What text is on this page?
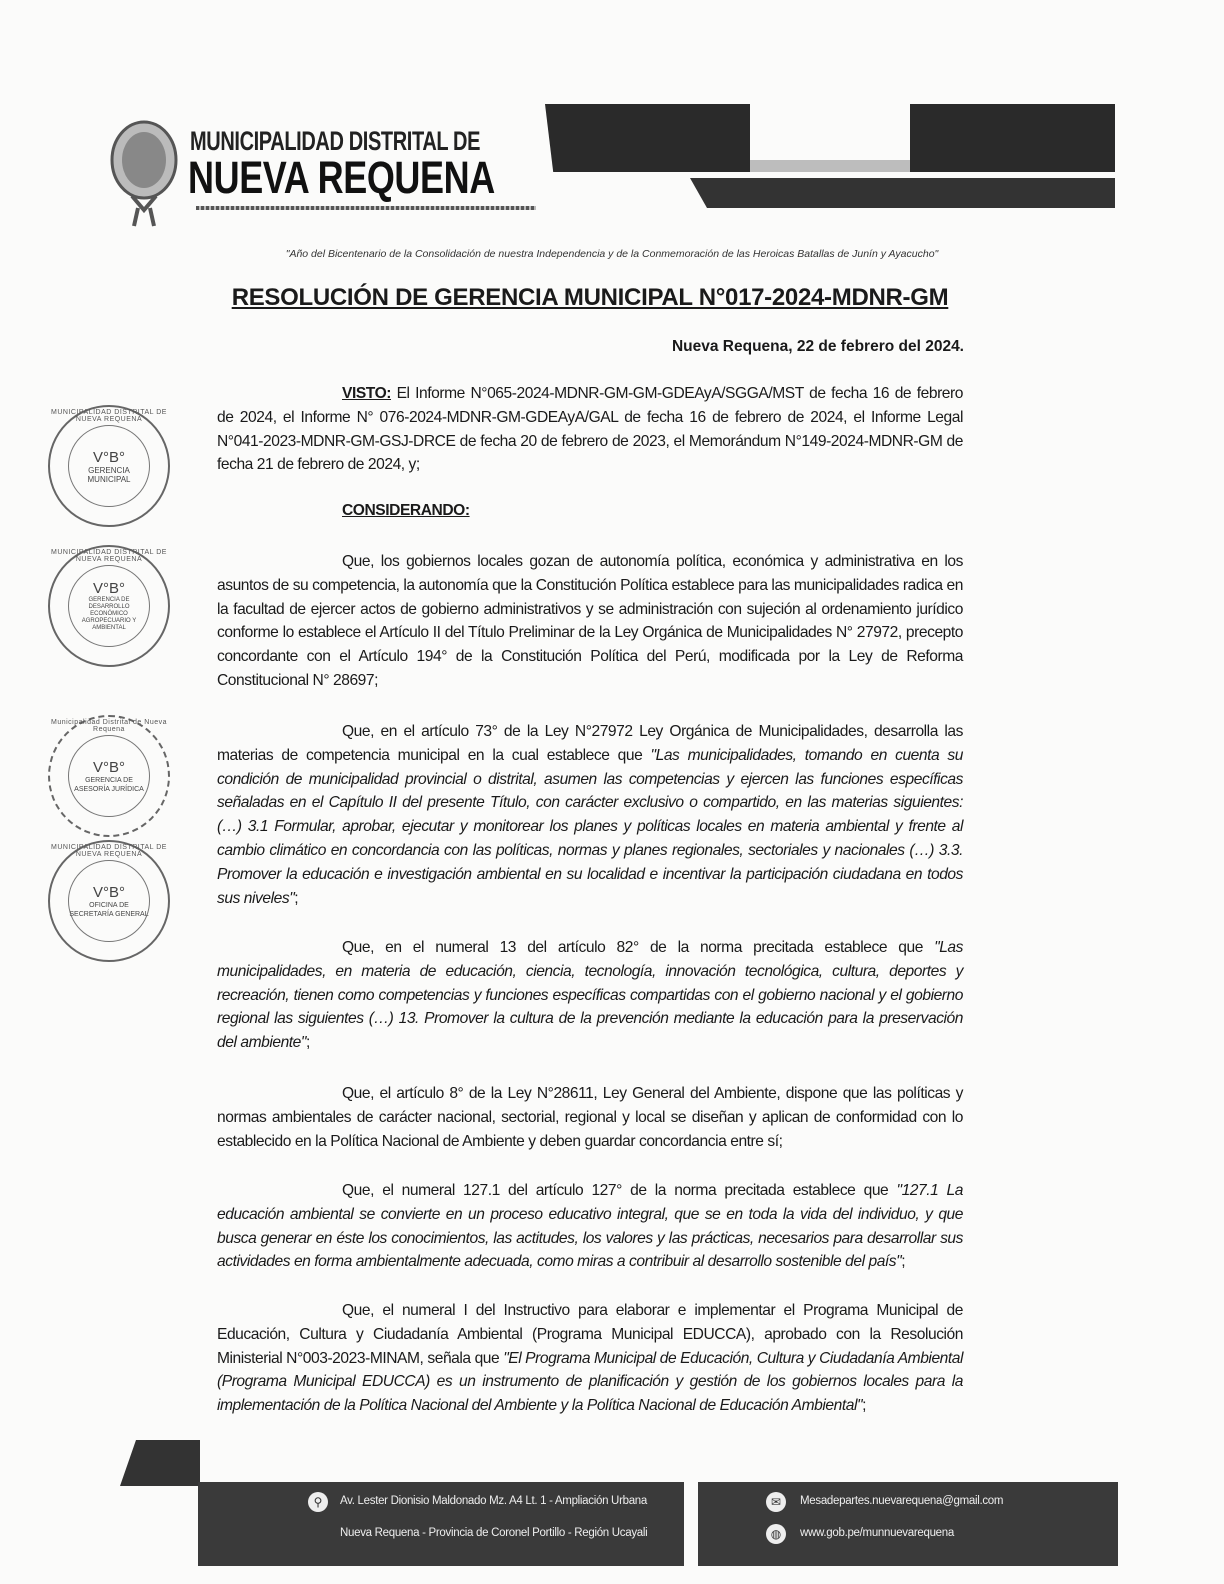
MUNICIPALIDAD DISTRITAL DE
NUEVA REQUENA
"Año del Bicentenario de la Consolidación de nuestra Independencia y de la Conmemoración de las Heroicas Batallas de Junín y Ayacucho"
RESOLUCIÓN DE GERENCIA MUNICIPAL N°017-2024-MDNR-GM
Nueva Requena, 22 de febrero del 2024.
VISTO: El Informe N°065-2024-MDNR-GM-GM-GDEAyA/SGGA/MST de fecha 16 de febrero de 2024, el Informe N° 076-2024-MDNR-GM-GDEAyA/GAL de fecha 16 de febrero de 2024, el Informe Legal N°041-2023-MDNR-GM-GSJ-DRCE de fecha 20 de febrero de 2023, el Memorándum N°149-2024-MDNR-GM de fecha 21 de febrero de 2024, y;
CONSIDERANDO:
Que, los gobiernos locales gozan de autonomía política, económica y administrativa en los asuntos de su competencia, la autonomía que la Constitución Política establece para las municipalidades radica en la facultad de ejercer actos de gobierno administrativos y se administración con sujeción al ordenamiento jurídico conforme lo establece el Artículo II del Título Preliminar de la Ley Orgánica de Municipalidades N° 27972, precepto concordante con el Artículo 194° de la Constitución Política del Perú, modificada por la Ley de Reforma Constitucional N° 28697;
Que, en el artículo 73° de la Ley N°27972 Ley Orgánica de Municipalidades, desarrolla las materias de competencia municipal en la cual establece que "Las municipalidades, tomando en cuenta su condición de municipalidad provincial o distrital, asumen las competencias y ejercen las funciones específicas señaladas en el Capítulo II del presente Título, con carácter exclusivo o compartido, en las materias siguientes: (…) 3.1 Formular, aprobar, ejecutar y monitorear los planes y políticas locales en materia ambiental y frente al cambio climático en concordancia con las políticas, normas y planes regionales, sectoriales y nacionales (…) 3.3. Promover la educación e investigación ambiental en su localidad e incentivar la participación ciudadana en todos sus niveles";
Que, en el numeral 13 del artículo 82° de la norma precitada establece que "Las municipalidades, en materia de educación, ciencia, tecnología, innovación tecnológica, cultura, deportes y recreación, tienen como competencias y funciones específicas compartidas con el gobierno nacional y el gobierno regional las siguientes (…) 13. Promover la cultura de la prevención mediante la educación para la preservación del ambiente";
Que, el artículo 8° de la Ley N°28611, Ley General del Ambiente, dispone que las políticas y normas ambientales de carácter nacional, sectorial, regional y local se diseñan y aplican de conformidad con lo establecido en la Política Nacional de Ambiente y deben guardar concordancia entre sí;
Que, el numeral 127.1 del artículo 127° de la norma precitada establece que "127.1 La educación ambiental se convierte en un proceso educativo integral, que se en toda la vida del individuo, y que busca generar en éste los conocimientos, las actitudes, los valores y las prácticas, necesarios para desarrollar sus actividades en forma ambientalmente adecuada, como miras a contribuir al desarrollo sostenible del país";
Que, el numeral I del Instructivo para elaborar e implementar el Programa Municipal de Educación, Cultura y Ciudadanía Ambiental (Programa Municipal EDUCCA), aprobado con la Resolución Ministerial N°003-2023-MINAM, señala que "El Programa Municipal de Educación, Cultura y Ciudadanía Ambiental (Programa Municipal EDUCCA) es un instrumento de planificación y gestión de los gobiernos locales para la implementación de la Política Nacional del Ambiente y la Política Nacional de Educación Ambiental";
MUNICIPALIDAD DISTRITAL DE NUEVA REQUENA
V°B°
GERENCIA MUNICIPAL
MUNICIPALIDAD DISTRITAL DE NUEVA REQUENA
V°B°
GERENCIA DE DESARROLLO ECONÓMICO AGROPECUARIO Y AMBIENTAL
Municipalidad Distrital de Nueva Requena
V°B°
GERENCIA DE ASESORÍA JURÍDICA
MUNICIPALIDAD DISTRITAL DE NUEVA REQUENA
V°B°
OFICINA DE SECRETARÍA GENERAL
⚲	Av. Lester Dionisio Maldonado Mz. A4 Lt. 1 - Ampliación Urbana
Nueva Requena - Provincia de Coronel Portillo - Región Ucayali
✉	Mesadepartes.nuevarequena@gmail.com
◍	www.gob.pe/munnuevarequena
